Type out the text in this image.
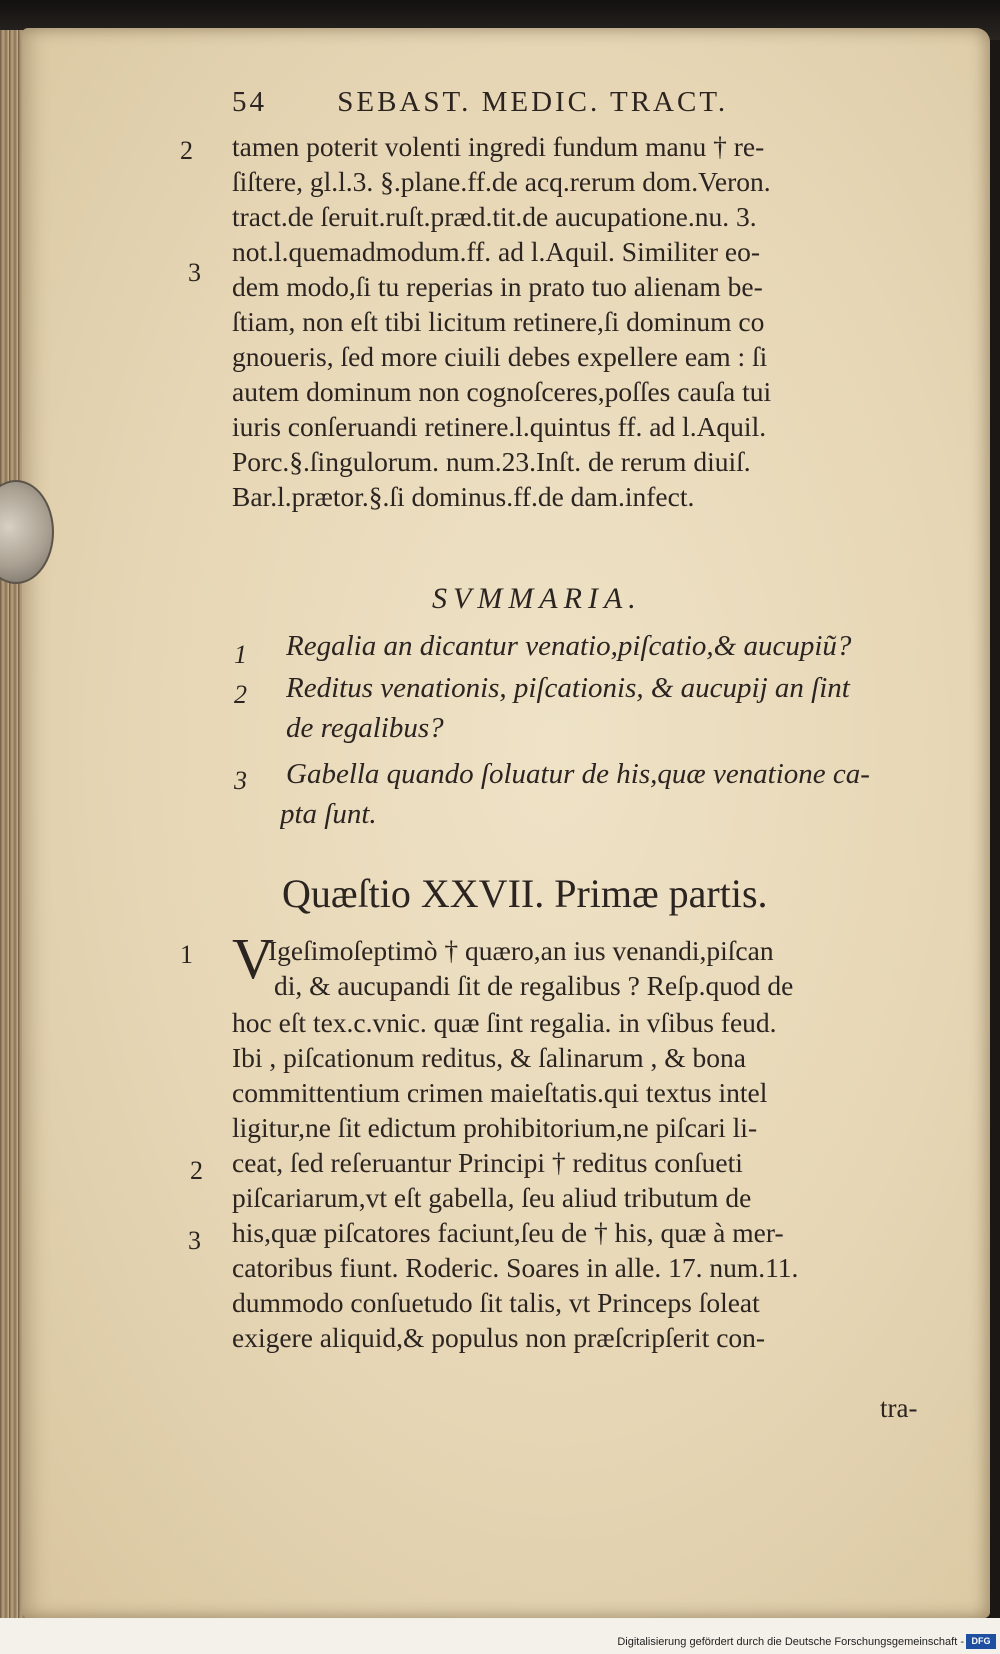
54 SEBAST. MEDIC. TRACT.
tamen poterit volenti ingredi fundum manu † re-
ſiſtere, gl.l.3. §.plane.ff.de acq.rerum dom.Veron.
tract.de ſeruit.ruſt.præd.tit.de aucupatione.nu. 3.
not.l.quemadmodum.ff. ad l.Aquil. Similiter eo-
dem modo,ſi tu reperias in prato tuo alienam be-
ſtiam, non eſt tibi licitum retinere,ſi dominum co
gnoueris, ſed more ciuili debes expellere eam : ſi
autem dominum non cognoſceres,poſſes cauſa tui
iuris conſeruandi retinere.l.quintus ff. ad l.Aquil.
Porc.§.ſingulorum. num.23.Inſt. de rerum diuiſ.
Bar.l.prætor.§.ſi dominus.ff.de dam.infect.
2
3
SVMMARIA.
1 Regalia an dicantur venatio,piſcatio,& aucupiũ?
2 Reditus venationis, piſcationis, & aucupij an ſint
de regalibus?
3 Gabella quando ſoluatur de his,quæ venatione ca-
pta ſunt.
Quæſtio XXVII. Primæ partis.
V
Igeſimoſeptimò † quæro,an ius venandi,piſcan
di, & aucupandi ſit de regalibus ? Reſp.quod de
hoc eſt tex.c.vnic. quæ ſint regalia. in vſibus feud.
Ibi , piſcationum reditus, & ſalinarum , & bona
committentium crimen maieſtatis.qui textus intel
ligitur,ne ſit edictum prohibitorium,ne piſcari li-
ceat, ſed reſeruantur Principi † reditus conſueti
piſcariarum,vt eſt gabella, ſeu aliud tributum de
his,quæ piſcatores faciunt,ſeu de † his, quæ à mer-
catoribus fiunt. Roderic. Soares in alle. 17. num.11.
dummodo conſuetudo ſit talis, vt Princeps ſoleat
exigere aliquid,& populus non præſcripſerit con-
1
2
3
tra-
Digitalisierung gefördert durch die Deutsche Forschungsgemeinschaft - DFG
